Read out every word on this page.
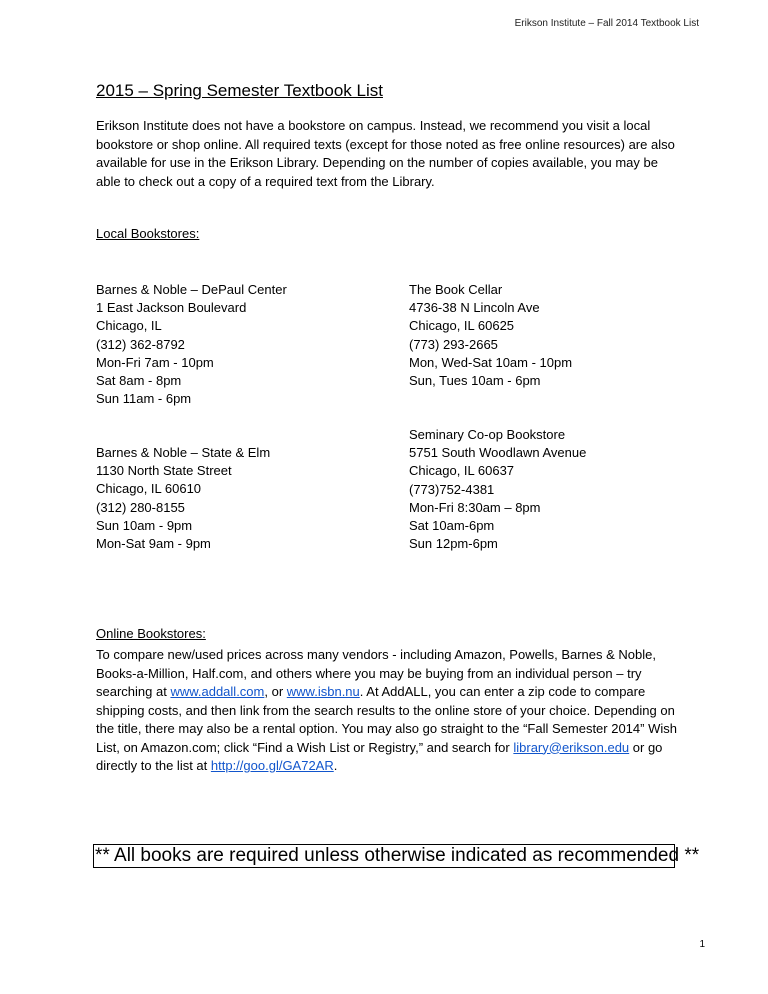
Erikson Institute – Fall 2014 Textbook List
2015 – Spring Semester Textbook List
Erikson Institute does not have a bookstore on campus. Instead, we recommend you visit a local bookstore or shop online. All required texts (except for those noted as free online resources) are also available for use in the Erikson Library. Depending on the number of copies available, you may be able to check out a copy of a required text from the Library.
Local Bookstores:
Barnes & Noble – DePaul Center
1 East Jackson Boulevard
Chicago, IL
(312) 362-8792
Mon-Fri 7am - 10pm
Sat 8am - 8pm
Sun 11am - 6pm
The Book Cellar
4736-38 N Lincoln Ave
Chicago, IL 60625
(773) 293-2665
Mon, Wed-Sat 10am - 10pm
Sun, Tues 10am - 6pm
Barnes & Noble – State & Elm
1130 North State Street
Chicago, IL 60610
(312) 280-8155
Sun 10am - 9pm
Mon-Sat 9am - 9pm
Seminary Co-op Bookstore
5751 South Woodlawn Avenue
Chicago, IL 60637
(773)752-4381
Mon-Fri 8:30am – 8pm
Sat 10am-6pm
Sun 12pm-6pm
Online Bookstores:
To compare new/used prices across many vendors - including Amazon, Powells, Barnes & Noble, Books-a-Million, Half.com, and others where you may be buying from an individual person – try searching at www.addall.com, or www.isbn.nu. At AddALL, you can enter a zip code to compare shipping costs, and then link from the search results to the online store of your choice. Depending on the title, there may also be a rental option. You may also go straight to the “Fall Semester 2014” Wish List, on Amazon.com; click “Find a Wish List or Registry,” and search for library@erikson.edu or go directly to the list at http://goo.gl/GA72AR.
** All books are required unless otherwise indicated as recommended **
1
